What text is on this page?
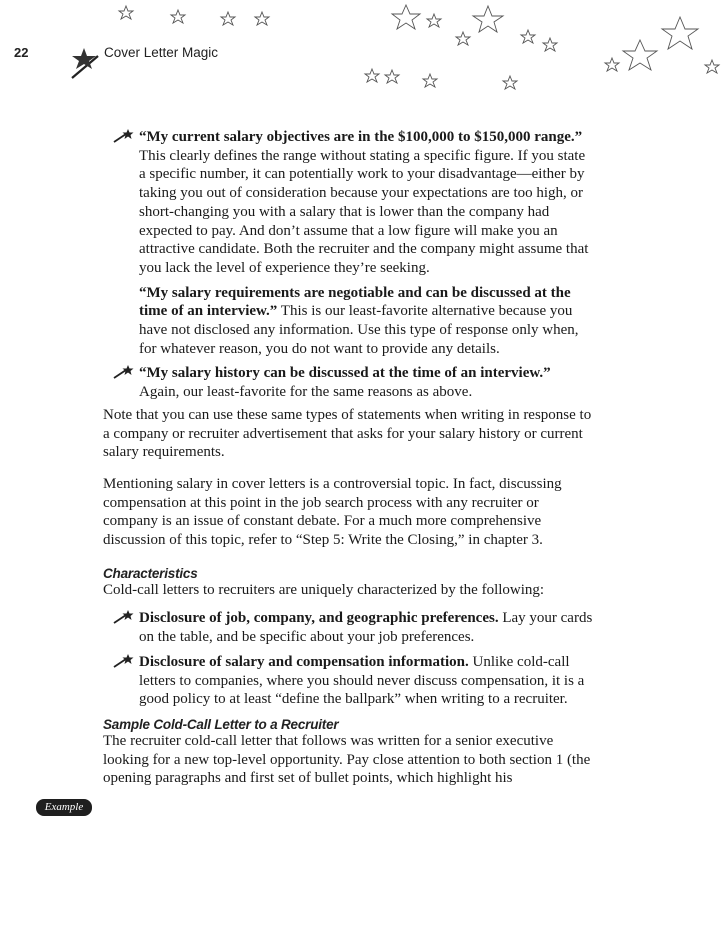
22	Cover Letter Magic

“My current salary objectives are in the $100,000 to $150,000 range.” This clearly defines the range without stating a specific figure. If you state a specific number, it can potentially work to your disadvantage—either by taking you out of consideration because your expectations are too high, or short-changing you with a salary that is lower than the company had expected to pay. And don’t assume that a low figure will make you an attractive candidate. Both the recruiter and the company might assume that you lack the level of experience they’re seeking.

“My salary requirements are negotiable and can be discussed at the time of an interview.” This is our least-favorite alternative because you have not disclosed any information. Use this type of response only when, for whatever reason, you do not want to provide any details.

“My salary history can be discussed at the time of an interview.” Again, our least-favorite for the same reasons as above.

Note that you can use these same types of statements when writing in response to a company or recruiter advertisement that asks for your salary history or current salary requirements.

Mentioning salary in cover letters is a controversial topic. In fact, discussing compensation at this point in the job search process with any recruiter or company is an issue of constant debate. For a much more comprehensive discussion of this topic, refer to “Step 5: Write the Closing,” in chapter 3.

Characteristics

Cold-call letters to recruiters are uniquely characterized by the following:

Disclosure of job, company, and geographic preferences. Lay your cards on the table, and be specific about your job preferences.

Disclosure of salary and compensation information. Unlike cold-call letters to companies, where you should never discuss compensation, it is a good policy to at least “define the ballpark” when writing to a recruiter.

Sample Cold-Call Letter to a Recruiter

The recruiter cold-call letter that follows was written for a senior executive looking for a new top-level opportunity. Pay close attention to both section 1 (the opening paragraphs and first set of bullet points, which highlight his

Example
